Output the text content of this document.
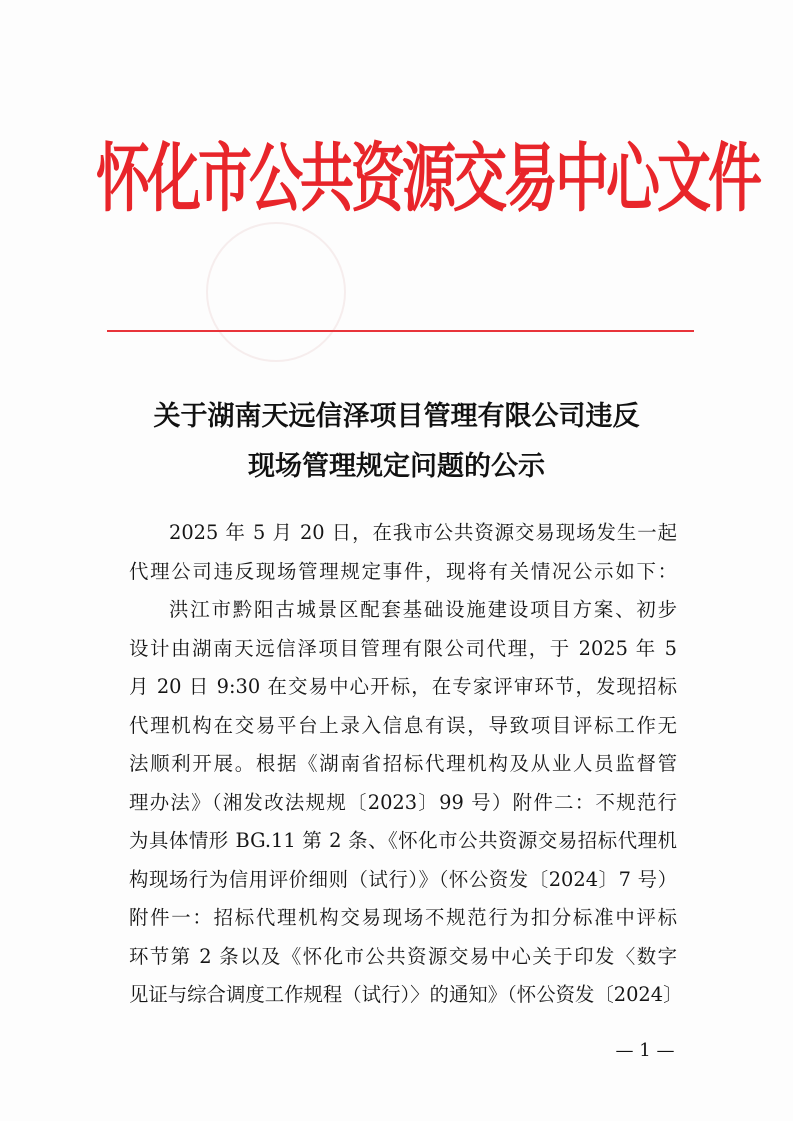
怀化市公共资源交易中心文件
关于湖南天远信泽项目管理有限公司违反
现场管理规定问题的公示
2025 年 5 月 20 日，在我市公共资源交易现场发生一起
代理公司违反现场管理规定事件，现将有关情况公示如下：
洪江市黔阳古城景区配套基础设施建设项目方案、初步
设计由湖南天远信泽项目管理有限公司代理，于 2025 年 5
月 20 日 9:30 在交易中心开标，在专家评审环节，发现招标
代理机构在交易平台上录入信息有误，导致项目评标工作无
法顺利开展。根据《湖南省招标代理机构及从业人员监督管
理办法》（湘发改法规规〔2023〕99 号）附件二：不规范行
为具体情形 BG.11 第 2 条、《怀化市公共资源交易招标代理机
构现场行为信用评价细则（试行）》（怀公资发〔2024〕7 号）
附件一：招标代理机构交易现场不规范行为扣分标准中评标
环节第 2 条以及《怀化市公共资源交易中心关于印发〈数字
见证与综合调度工作规程（试行）〉的通知》（怀公资发〔2024〕
— 1 —
